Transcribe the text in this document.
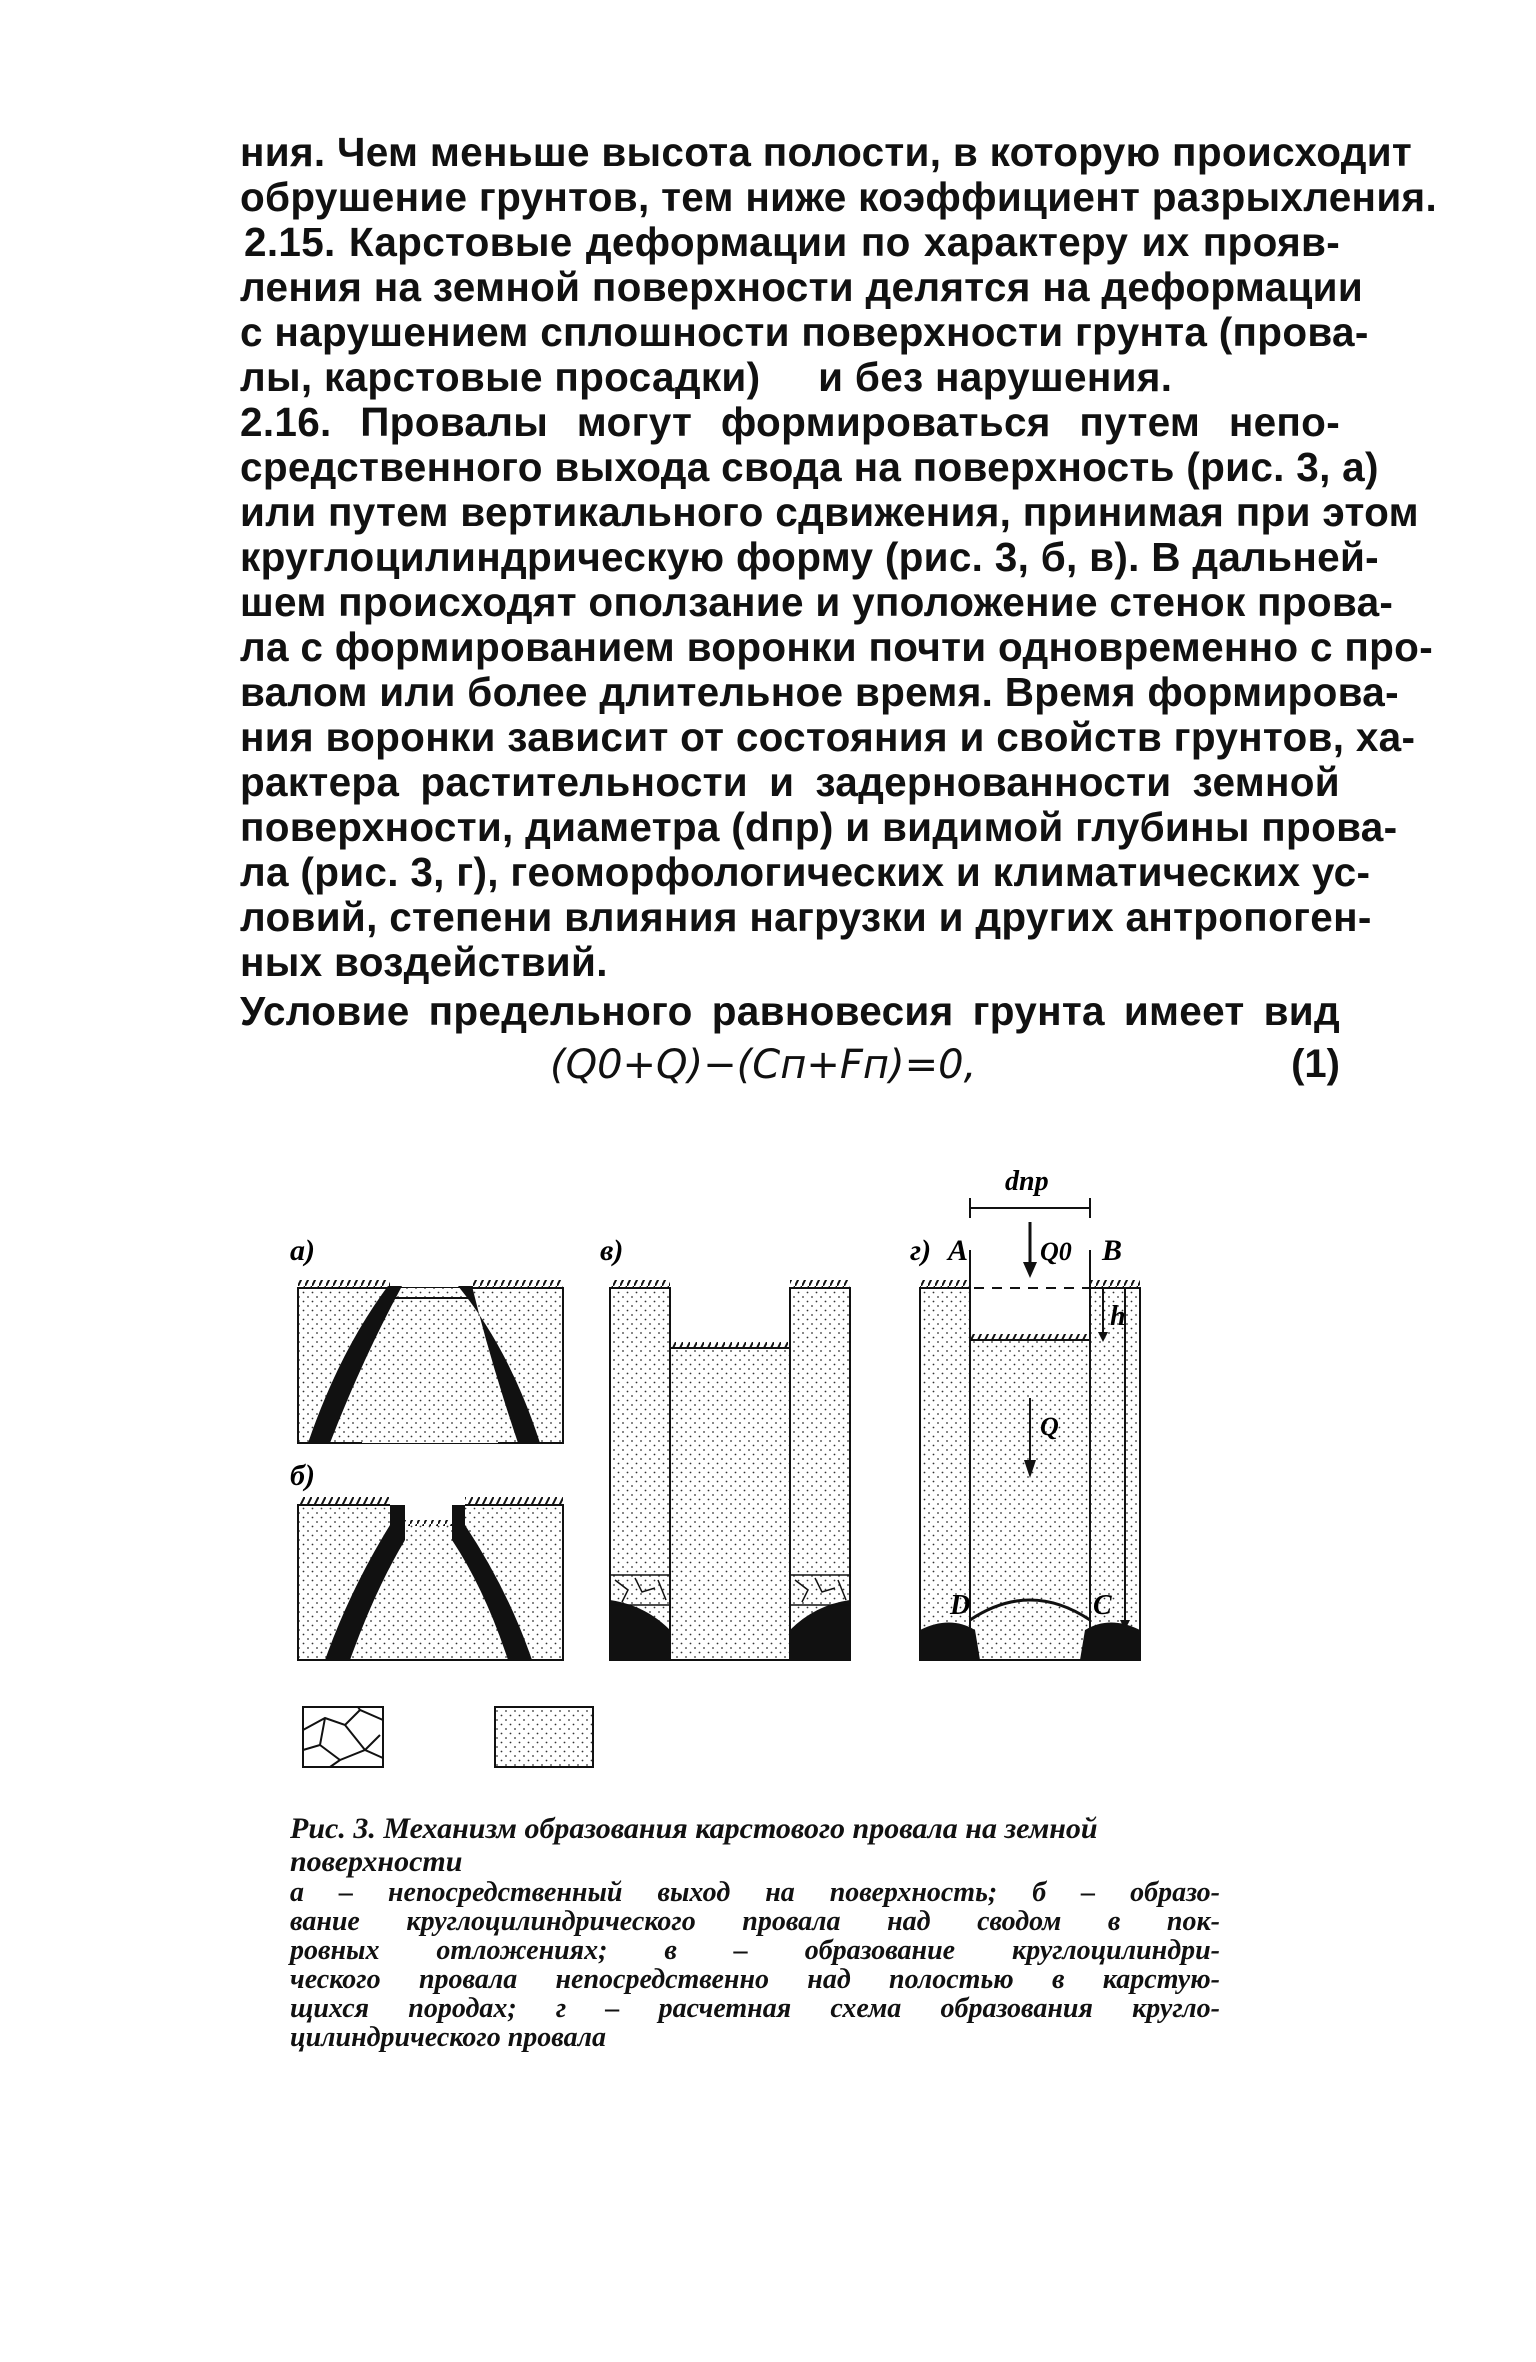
ния. Чем меньше высота полости, в которую происходит
обрушение грунтов, тем ниже коэффициент разрыхления.
2.15. Карстовые деформации по характеру их прояв-
ления на земной поверхности делятся на деформации
с нарушением сплошности поверхности грунта (прова-
лы, карстовые просадки)     и без нарушения.
2.16. Провалы могут формироваться путем непо-
средственного выхода свода на поверхность (рис. 3, а)
или путем вертикального сдвижения, принимая при этом
круглоцилиндрическую форму (рис. 3, б, в). В дальней-
шем происходят оползание и уположение стенок прова-
ла с формированием воронки почти одновременно с про-
валом или более длительное время. Время формирова-
ния воронки зависит от состояния и свойств грунтов, ха-
рактера растительности и задернованности земной
поверхности, диаметра (dпр) и видимой глубины прова-
ла (рис. 3, г), геоморфологических и климатических ус-
ловий, степени влияния нагрузки и других антропоген-
ных воздействий.
Условие предельного равновесия грунта имеет вид
(Q0+Q)−(Cп+Fп)=0,	(1)
а)
б)
в)	г) A	B
C
D
dпр
Q0
Q
h
Рис. 3. Механизм образования карстового провала на земной поверхности
а – непосредственный выход на поверхность; б – образо-
вание круглоцилиндрического провала над сводом в пок-
ровных отложениях; в – образование круглоцилиндри-
ческого провала непосредственно над полостью в карстую-
щихся породах; г – расчетная схема образования кругло-
цилиндрического провала
